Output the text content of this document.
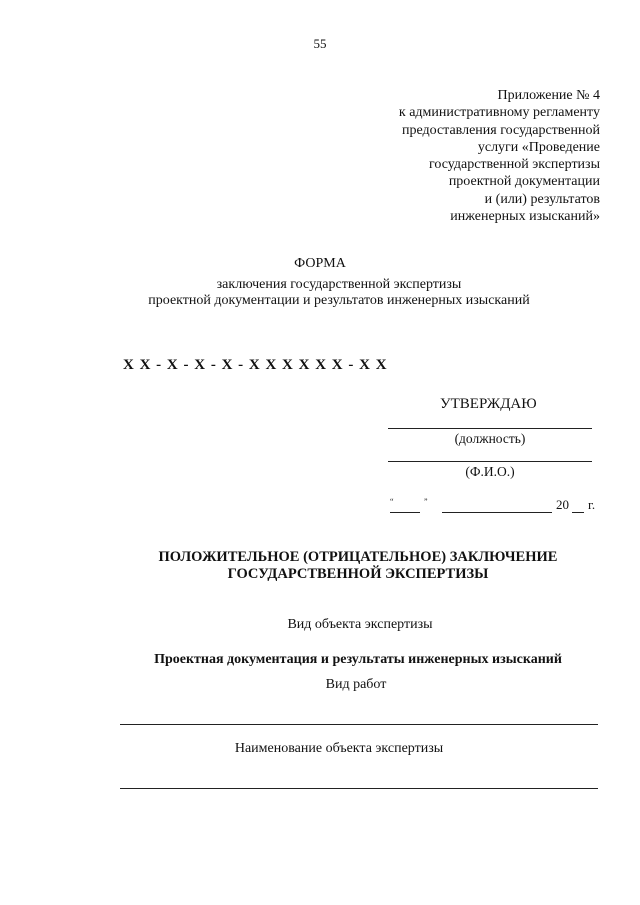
55
Приложение № 4
к административному регламенту
предоставления государственной
услуги «Проведение
государственной экспертизы
проектной документации
и (или) результатов
инженерных изысканий»
ФОРМА
заключения государственной экспертизы
проектной документации и результатов инженерных изысканий
X X - X - X - X - X X X X X X - X X
УТВЕРЖДАЮ
(должность)
(Ф.И.О.)
“	”	20 г.
ПОЛОЖИТЕЛЬНОЕ (ОТРИЦАТЕЛЬНОЕ) ЗАКЛЮЧЕНИЕ
ГОСУДАРСТВЕННОЙ ЭКСПЕРТИЗЫ
Вид объекта экспертизы
Проектная документация и результаты инженерных изысканий
Вид работ
Наименование объекта экспертизы
